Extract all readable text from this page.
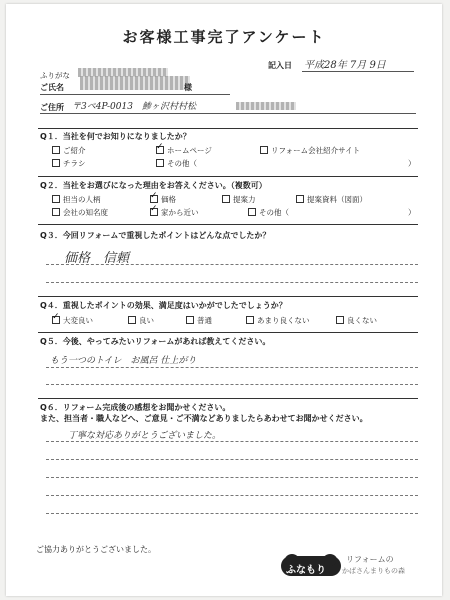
お客様工事完了アンケート
記入日 平成28年 7月 9日
ふりがな
ご氏名	様
ご住所 〒3ペ4P-0013　鯵ヶ沢村村松
Q１．当社を何でお知りになりましたか？
ご紹介 ✓	ホームページ	リフォーム会社紹介サイト
チラシ	その他（	）
Q２．当社をお選びになった理由をお答えください。（複数可）
担当の人柄 ✓	価格	提案力	提案資料（図面）
会社の知名度 ✓	家から近い	その他（	）
Q３．今回リフォームで重視したポイントはどんな点でしたか？
価格　信頼
Q４．重視したポイントの効果、満足度はいかがでしたでしょうか？
✓大変良い	良い	普通	あまり良くない	良くない
Q５．今後、やってみたいリフォームがあれば教えてください。
もう一つのトイレ　お風呂 仕上がり
Q６．リフォーム完成後の感想をお聞かせください。
また、担当者・職人などへ、ご意見・ご不満などありましたらあわせてお聞かせください。
丁寧な対応ありがとうございました。
ご協力ありがとうございました。
ふなもり
リフォームの
かばさんまりもの森
